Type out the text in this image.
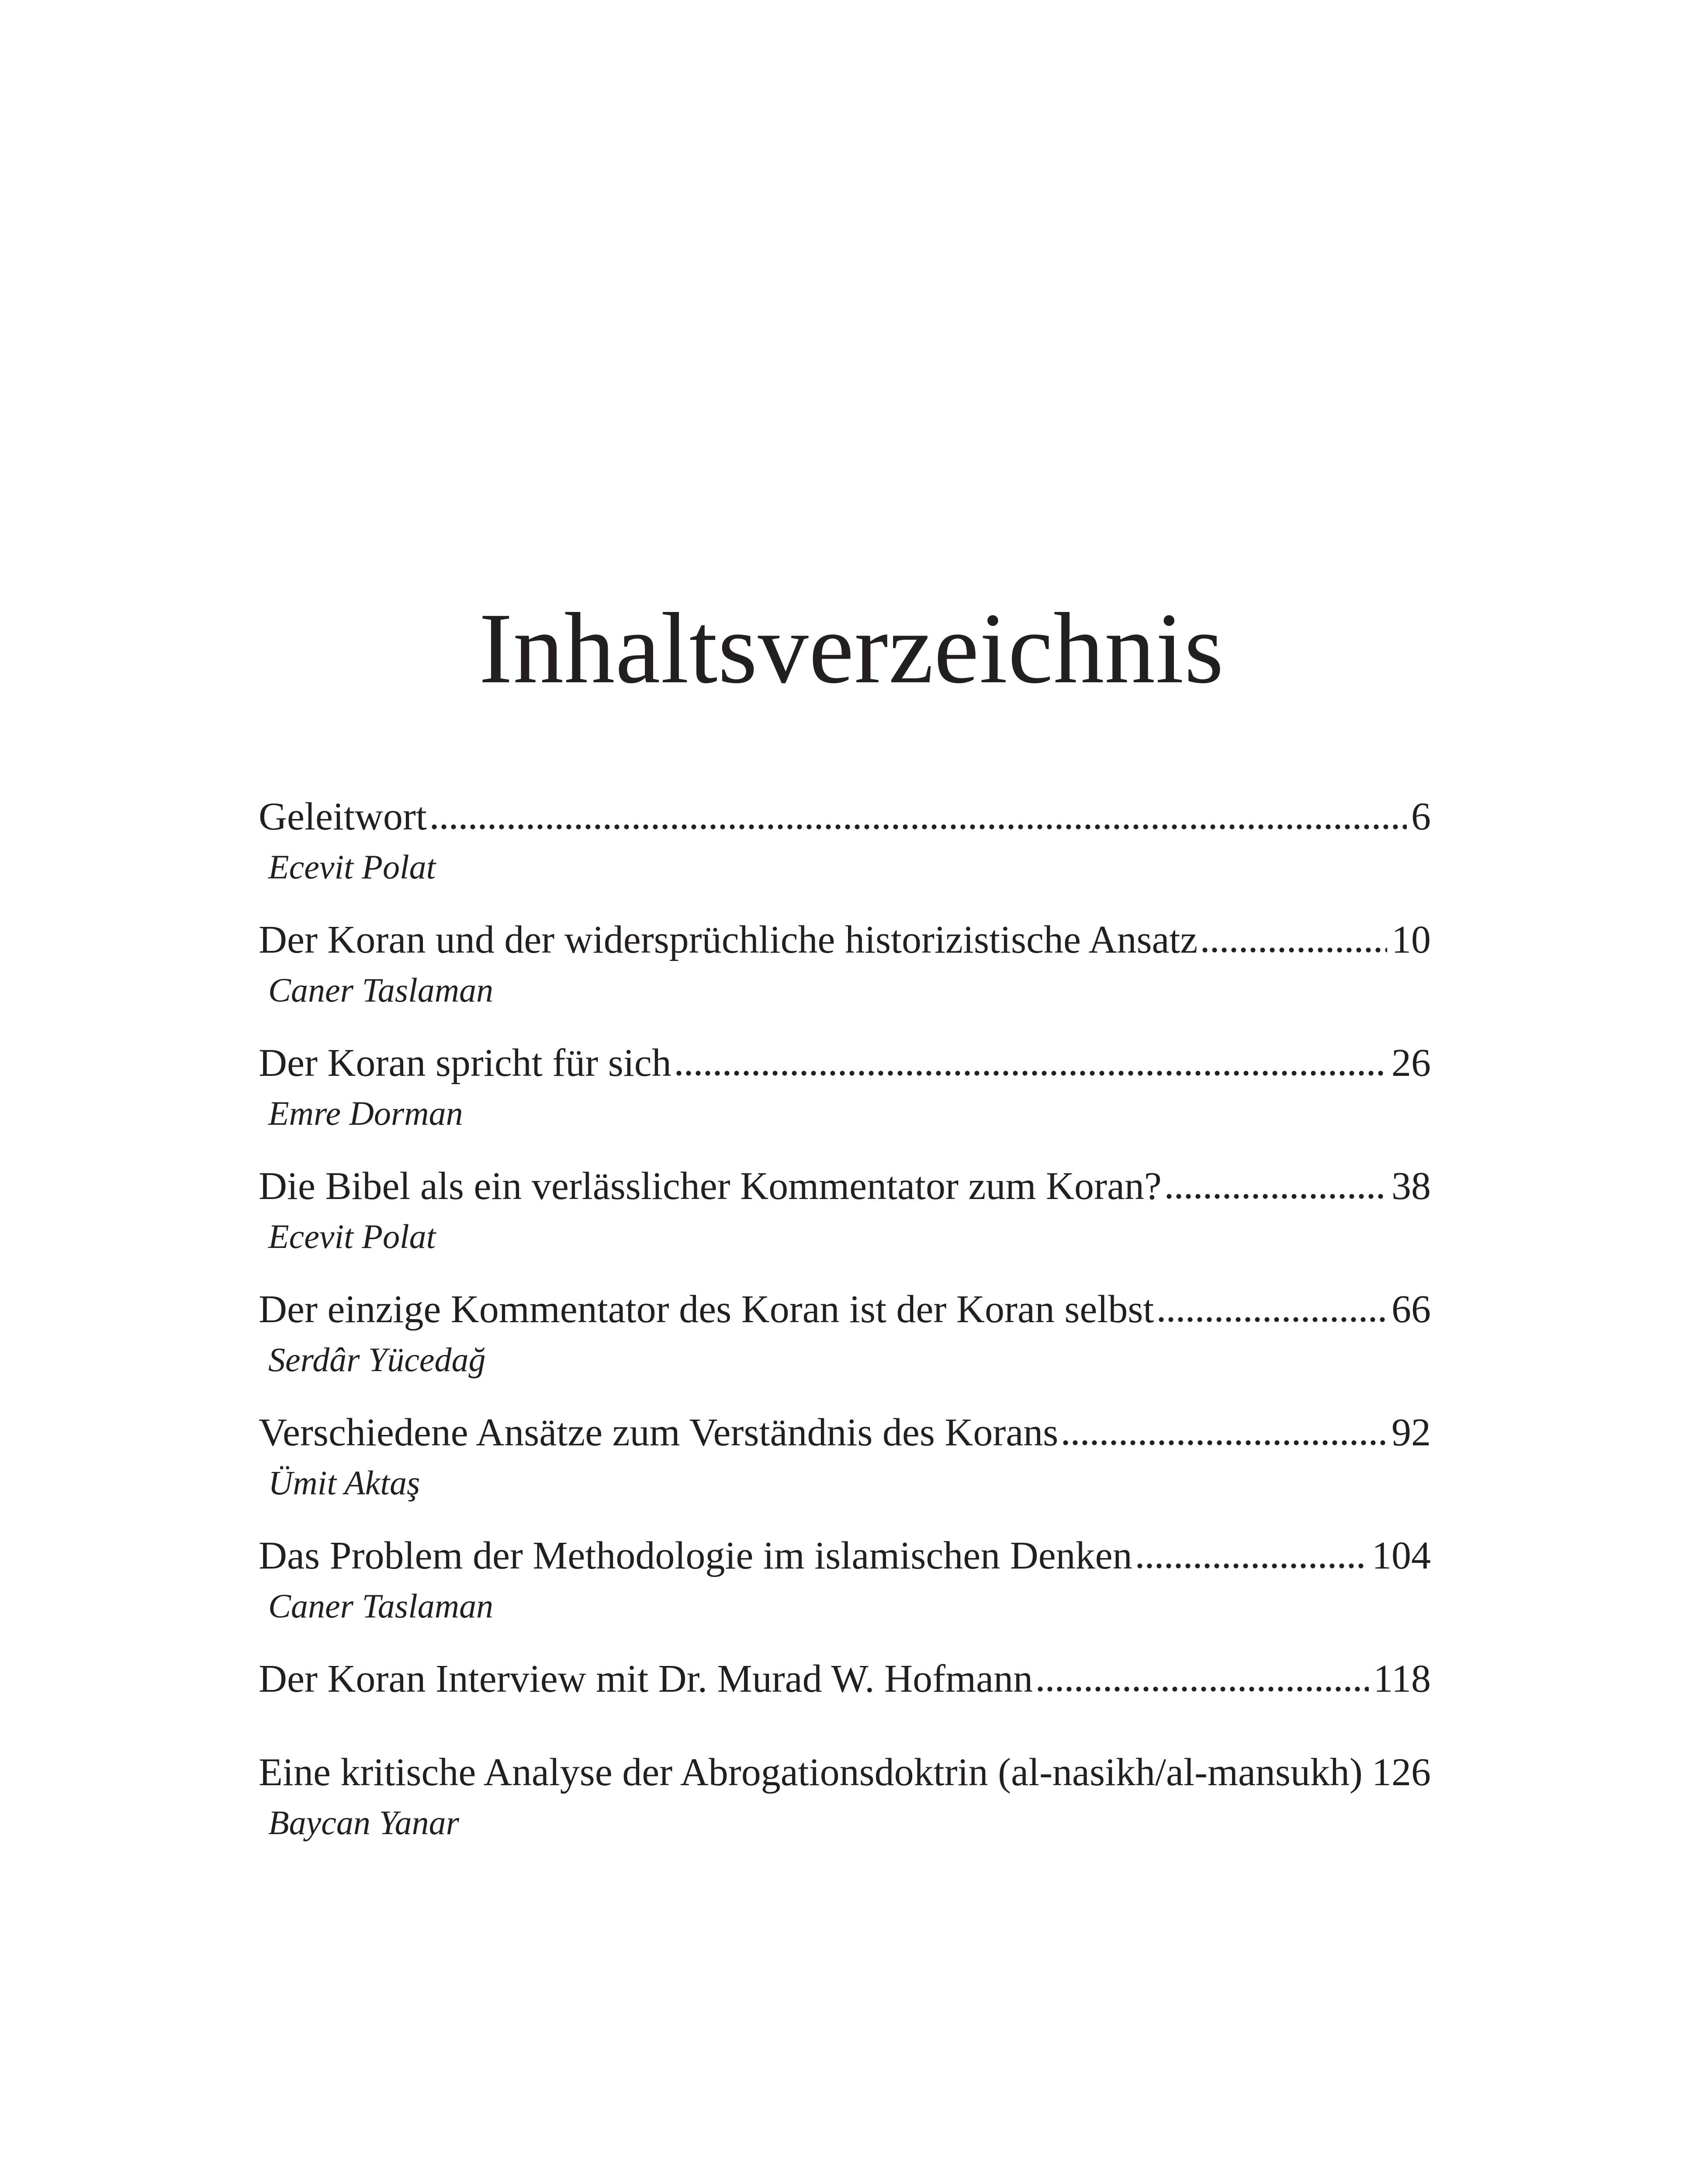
Inhaltsverzeichnis
Geleitwort	6
Ecevit Polat
Der Koran und der widersprüchliche historizistische Ansatz	10
Caner Taslaman
Der Koran spricht für sich	26
Emre Dorman
Die Bibel als ein verlässlicher Kommentator zum Koran?	38
Ecevit Polat
Der einzige Kommentator des Koran ist der Koran selbst	66
Serdâr Yücedağ
Verschiedene Ansätze zum Verständnis des Korans	92
Ümit Aktaş
Das Problem der Methodologie im islamischen Denken	104
Caner Taslaman
Der Koran Interview mit Dr. Murad W. Hofmann	118
Eine kritische Analyse der Abrogationsdoktrin (al-nasikh/al-mansukh) 126
Baycan Yanar
